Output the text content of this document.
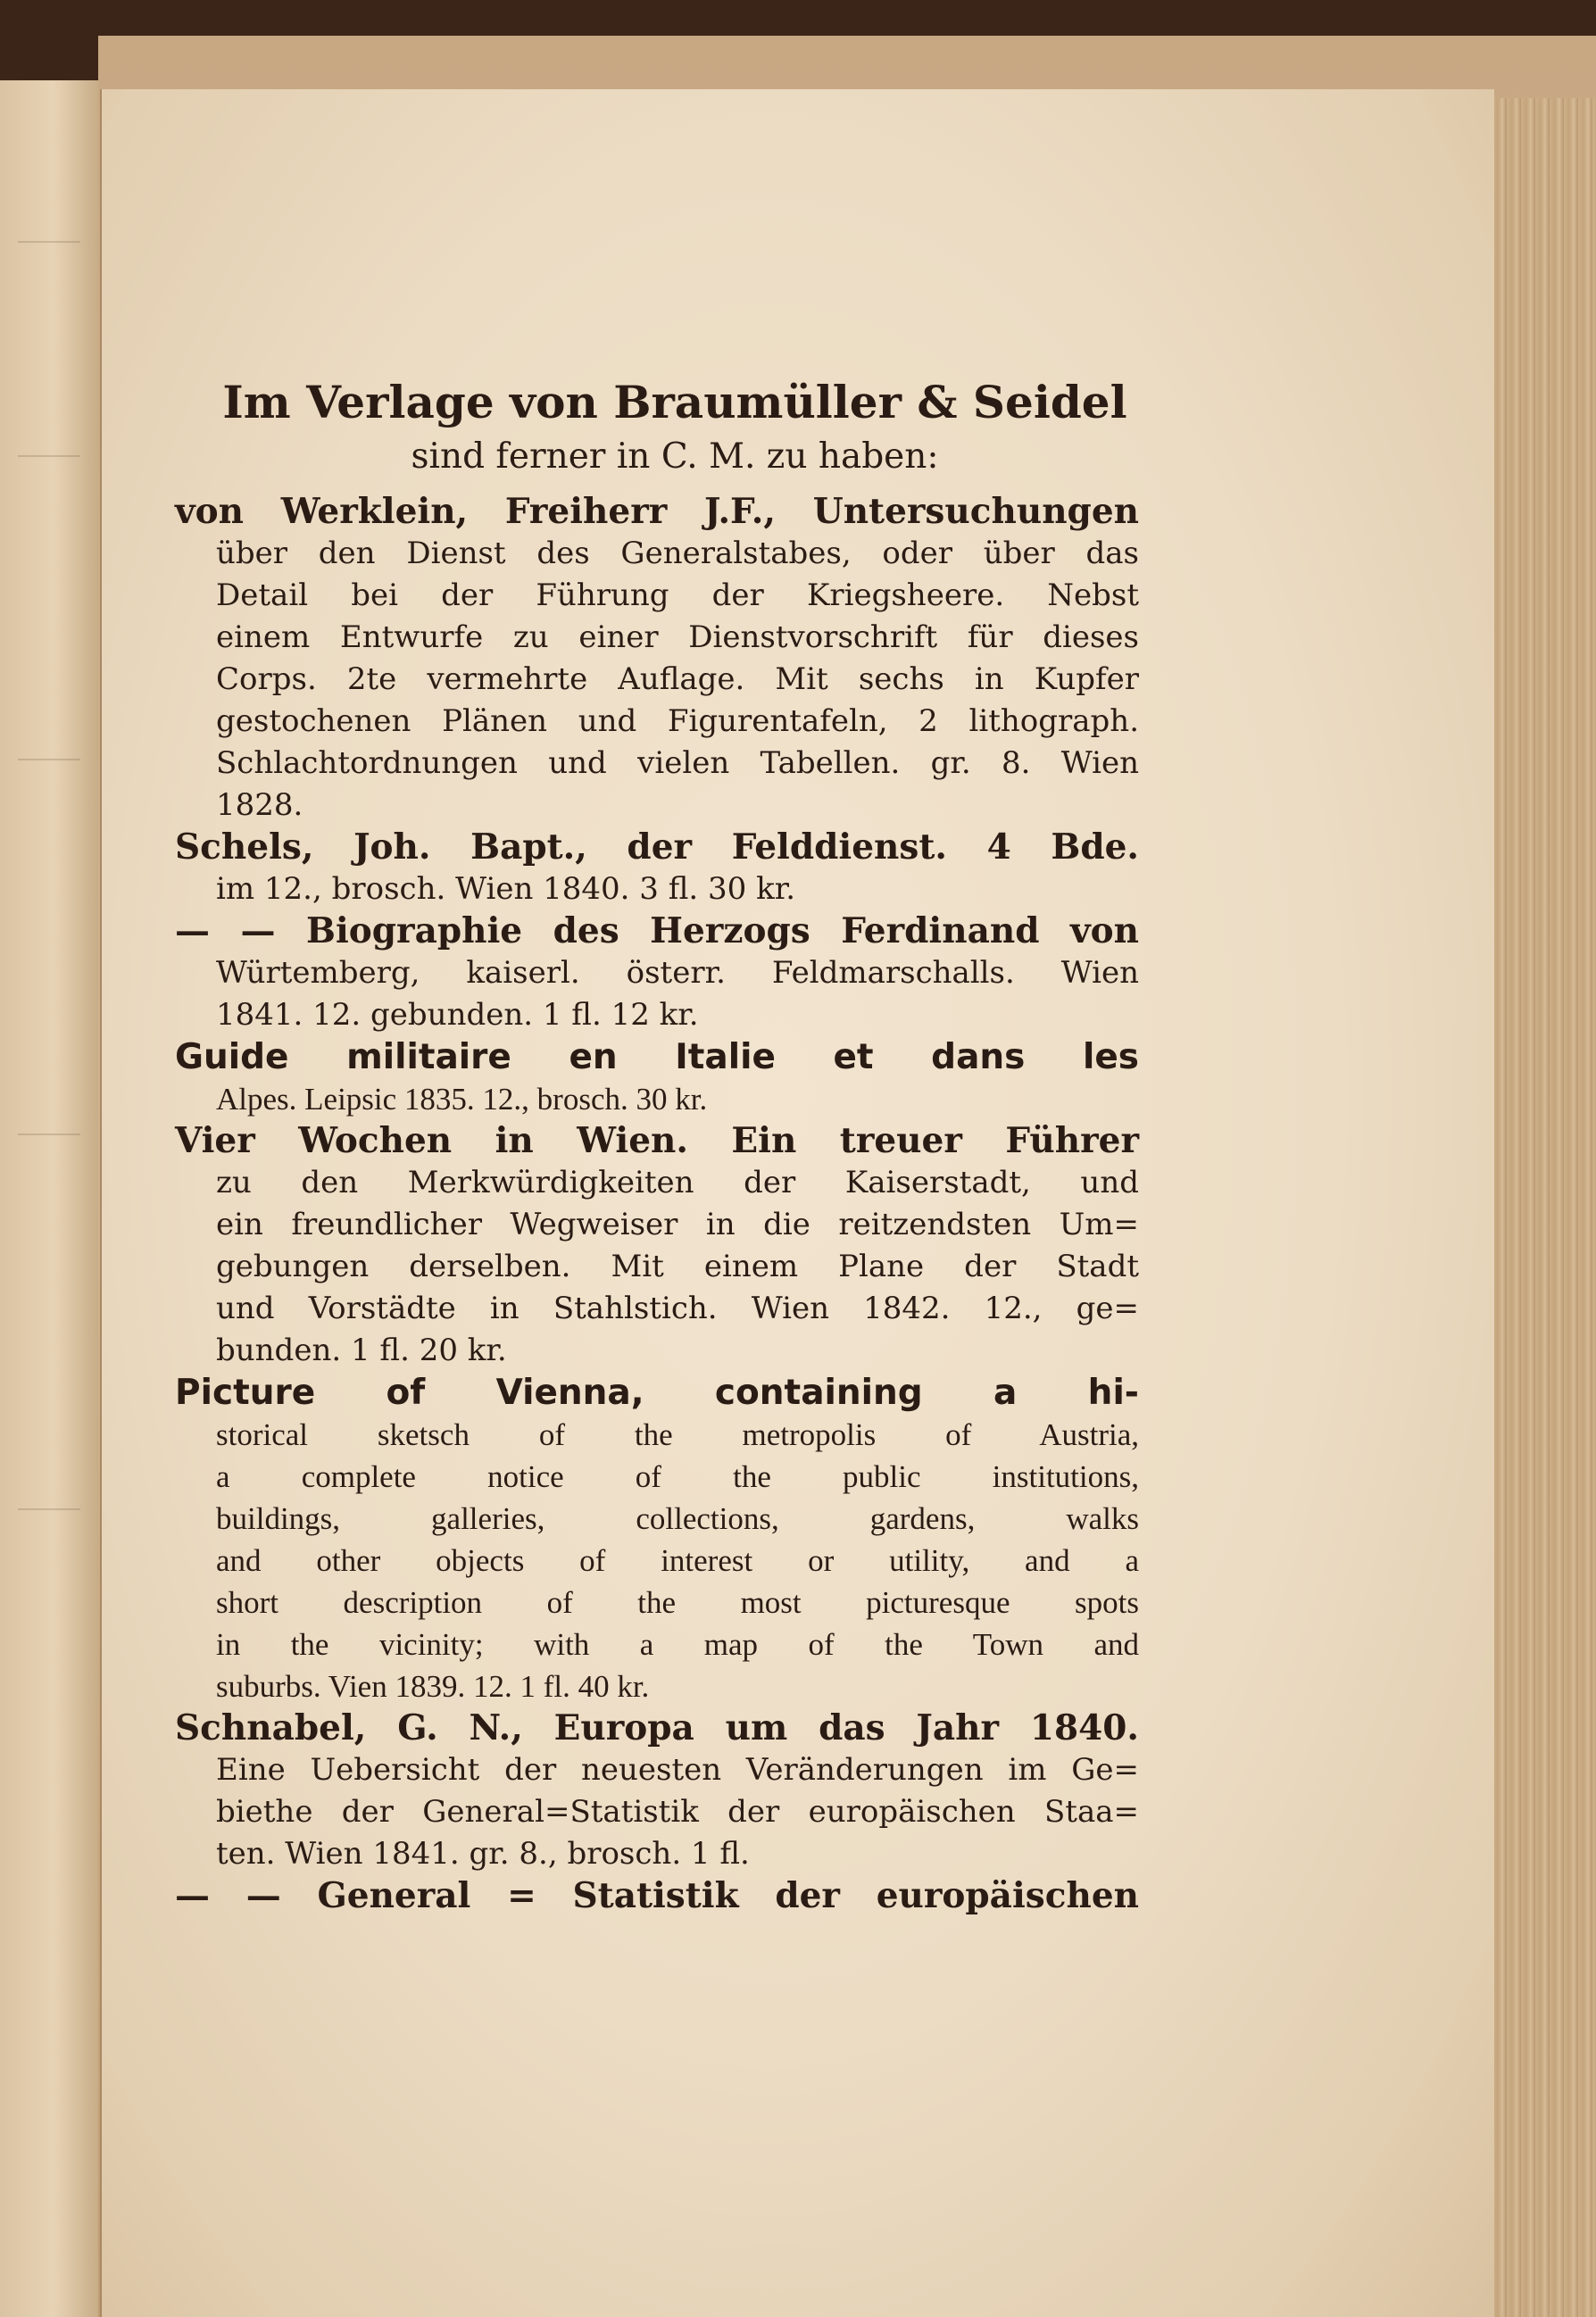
Im Verlage von Braumüller & Seidel
sind ferner in C. M. zu haben:
von Werklein, Freiherr J.F., Untersuchungen
über den Dienst des Generalstabes, oder über das
Detail bei der Führung der Kriegsheere. Nebst
einem Entwurfe zu einer Dienstvorschrift für dieses
Corps. 2te vermehrte Auflage. Mit sechs in Kupfer
gestochenen Plänen und Figurentafeln, 2 lithograph.
Schlachtordnungen und vielen Tabellen. gr. 8. Wien
1828.
Schels, Joh. Bapt., der Felddienst. 4 Bde.
im 12., brosch. Wien 1840. 3 fl. 30 kr.
— — Biographie des Herzogs Ferdinand von
Würtemberg, kaiserl. österr. Feldmarschalls. Wien
1841. 12. gebunden. 1 fl. 12 kr.
Guide militaire en Italie et dans les
Alpes. Leipsic 1835. 12., brosch. 30 kr.
Vier Wochen in Wien. Ein treuer Führer
zu den Merkwürdigkeiten der Kaiserstadt, und
ein freundlicher Wegweiser in die reitzendsten Um=
gebungen derselben. Mit einem Plane der Stadt
und Vorstädte in Stahlstich. Wien 1842. 12., ge=
bunden. 1 fl. 20 kr.
Picture of Vienna, containing a hi-
storical sketsch of the metropolis of Austria,
a complete notice of the public institutions,
buildings, galleries, collections, gardens, walks
and other objects of interest or utility, and a
short description of the most picturesque spots
in the vicinity; with a map of the Town and
suburbs. Vien 1839. 12. 1 fl. 40 kr.
Schnabel, G. N., Europa um das Jahr 1840.
Eine Uebersicht der neuesten Veränderungen im Ge=
biethe der General=Statistik der europäischen Staa=
ten. Wien 1841. gr. 8., brosch. 1 fl.
— — General = Statistik der europäischen
